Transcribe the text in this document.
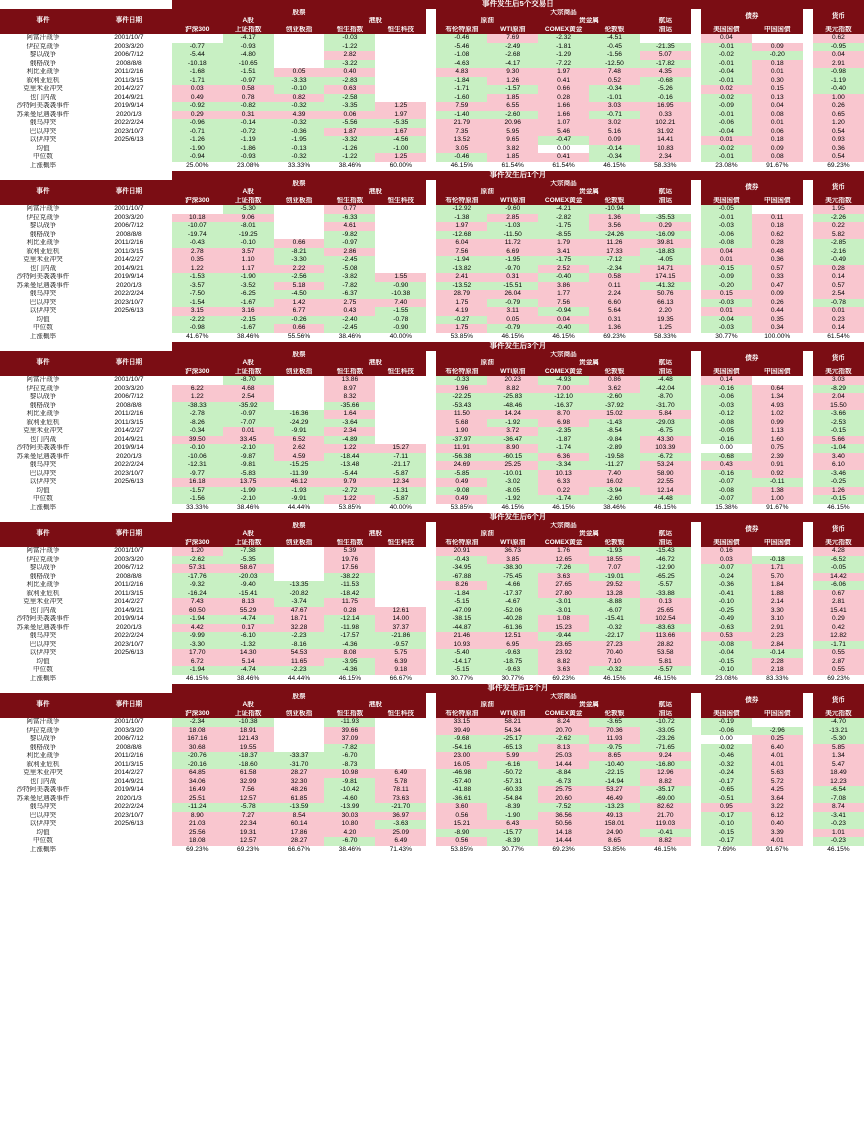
		事件发生后5个交易日															
事件	事件日期	股票						大宗商品						债券			货币
		A股			港股			原油		贵金属		航运					
		沪深300	上证指数	创业板指	恒生指数	恒生科技		布伦特原油	WTI原油	COMEX黄金	伦敦银	油运		美国国债	中国国债		美元指数
阿富汗战争	2001/10/7		-4.17		-0.03			-0.46	7.69	-2.32	-4.51			0.04			0.62
伊拉克战争	2003/3/20	-0.77	-0.93		-1.22			-5.46	-2.49	-1.81	-0.45	-21.35		-0.01	0.09		-0.95
黎以战争	2006/7/12	-5.44	-4.80		2.82			-1.08	-2.68	-1.29	-1.56	5.07		-0.02	-0.20		0.04
俄格战争	2008/8/8	-10.18	-10.65		-3.22			-4.63	-4.17	-7.22	-12.50	-17.82		-0.01	0.18		2.91
利比亚战争	2011/2/16	-1.68	-1.51	0.05	0.40			4.83	9.30	1.97	7.48	4.35		-0.04	0.01		-0.98
叙利亚危机	2011/3/15	-1.71	-0.97	-3.33	-2.83			-1.84	1.26	0.41	0.52	-0.68		-0.01	0.30		-1.19
克里米亚冲突	2014/2/27	0.03	0.58	-0.10	0.63			-1.71	-1.57	0.66	-0.34	-5.26		0.02	0.15		-0.40
也门内战	2014/9/21	0.49	0.78	0.82	-2.58			-1.60	1.85	0.28	-1.01	-0.16		-0.02	0.13		1.00
沙特阿美袭袭事件	2019/9/14	-0.92	-0.82	-0.32	-3.35	1.25		7.59	6.55	1.66	3.03	16.95		-0.09	0.04		0.26
苏莱曼尼遇袭事件	2020/1/3	0.29	0.31	4.39	0.06	1.97		-1.40	-2.60	1.66	-0.71	0.33		-0.01	0.08		0.65
俄乌冲突	2022/2/24	-0.96	-0.14	-0.32	-5.56	-5.35		21.79	20.96	1.07	3.02	102.21		-0.06	0.01		1.20
巴以冲突	2023/10/7	-0.71	-0.72	-0.36	1.87	1.67		7.35	5.95	5.46	5.16	31.92		-0.04	0.06		0.54
以伊冲突	2025/6/13	-1.26	-1.19	-1.95	-3.32	-4.56		13.52	9.65	-0.47	0.09	14.41		0.01	0.18		0.93
均值		-1.90	-1.86	-0.13	-1.26	-1.00		3.05	3.82	0.00	-0.14	10.83		-0.02	0.09		0.36
中位数		-0.94	-0.93	-0.32	-1.22	1.25		-0.46	1.85	0.41	-0.34	2.34		-0.01	0.08		0.54
上涨概率		25.00%	23.08%	33.33%	38.46%	60.00%		46.15%	61.54%	61.54%	46.15%	58.33%		23.08%	91.67%		69.23%
		事件发生后1个月															
事件	事件日期	股票						大宗商品						债券			货币
		A股			港股			原油		贵金属		航运					
		沪深300	上证指数	创业板指	恒生指数	恒生科技		布伦特原油	WTI原油	COMEX黄金	伦敦银	油运		美国国债	中国国债		美元指数
阿富汗战争	2001/10/7		-5.30		0.77			-12.92	-9.60	-4.21	-10.94			-0.05			1.95
伊拉克战争	2003/3/20	10.18	9.06		-6.33			-1.38	2.85	-2.82	1.36	-35.53		-0.01	0.11		-2.26
黎以战争	2006/7/12	-10.07	-8.01		4.61			1.97	-1.03	-1.75	3.56	0.29		-0.03	0.18		0.22
俄格战争	2008/8/8	-19.74	-19.25		-9.82			-12.68	-11.50	-8.55	-24.26	-16.09		-0.06	0.62		5.82
利比亚战争	2011/2/16	-0.43	-0.10	0.66	-0.97			6.04	11.72	1.79	11.26	39.81		-0.08	0.28		-2.85
叙利亚危机	2011/3/15	2.78	3.57	-8.21	2.86			7.56	6.69	3.41	17.33	-18.83		0.04	0.48		-2.16
克里米亚冲突	2014/2/27	0.35	1.10	-3.30	-2.45			-1.94	-1.95	-1.75	-7.12	-4.05		0.01	0.36		-0.49
也门内战	2014/9/21	1.22	1.17	2.22	-5.08			-13.82	-9.70	2.52	-2.34	14.71		-0.15	0.57		0.28
沙特阿美袭袭事件	2019/9/14	-1.53	-1.90	-2.56	-3.82	1.55		2.41	0.31	-0.40	0.58	174.15		-0.09	0.33		0.14
苏莱曼尼遇袭事件	2020/1/3	-3.57	-3.52	5.18	-7.82	-0.90		-13.52	-15.51	3.86	0.11	-41.32		-0.20	0.47		0.57
俄乌冲突	2022/2/24	-7.50	-6.25	-4.50	-6.37	-10.38		28.79	26.04	1.77	2.24	50.76		0.15	0.09		2.54
巴以冲突	2023/10/7	-1.54	-1.67	1.42	2.75	7.40		1.75	-0.79	7.56	6.60	66.13		-0.03	0.26		-0.78
以伊冲突	2025/6/13	3.15	3.16	6.77	0.43	-1.55		4.19	3.11	-0.94	5.64	2.20		0.01	0.44		0.01
均值		-2.22	-2.15	-0.26	-2.40	-0.78		-0.27	0.05	0.04	0.31	19.35		-0.04	0.35		0.23
中位数		-0.98	-1.67	0.66	-2.45	-0.90		1.75	-0.79	-0.40	1.36	1.25		-0.03	0.34		0.14
上涨概率		41.67%	38.46%	55.56%	38.46%	40.00%		53.85%	46.15%	46.15%	69.23%	58.33%		30.77%	100.00%		61.54%
		事件发生后3个月															
事件	事件日期	股票						大宗商品						债券			货币
		A股			港股			原油		贵金属		航运					
		沪深300	上证指数	创业板指	恒生指数	恒生科技		布伦特原油	WTI原油	COMEX黄金	伦敦银	油运		美国国债	中国国债		美元指数
阿富汗战争	2001/10/7		-8.70		13.86			-0.33	20.23	-4.93	0.86	-4.48		0.14			3.03
伊拉克战争	2003/3/20	6.22	4.68		8.97			1.96	8.82	7.00	3.62	-42.04		-0.16	0.64		-8.29
黎以战争	2006/7/12	1.22	2.54		8.32			-22.25	-25.83	-12.10	-2.60	-8.70		-0.06	1.34		2.04
俄格战争	2008/8/8	-38.33	-35.92		-35.66			-53.43	-48.46	-16.37	-37.92	-31.70		-0.03	4.93		15.50
利比亚战争	2011/2/16	-2.78	-0.97	-16.36	1.64			11.50	14.24	8.70	15.02	5.84		-0.12	1.02		-3.66
叙利亚危机	2011/3/15	-8.26	-7.07	-24.29	-3.64			5.68	-1.92	6.98	-1.43	-29.03		-0.08	0.99		-2.53
克里米亚冲突	2014/2/27	-0.34	0.01	-9.91	2.34			1.90	3.72	-2.35	-8.54	-6.75		-0.05	1.13		-0.15
也门内战	2014/9/21	39.50	33.45	6.52	-4.89			-37.97	-36.47	-1.87	-9.84	43.30		-0.16	1.60		5.66
沙特阿美袭袭事件	2019/9/14	-0.10	-2.10	2.62	1.22	15.27		11.91	8.90	-1.74	-2.89	103.39		0.00	0.75		-1.04
苏莱曼尼遇袭事件	2020/1/3	-10.06	-9.87	4.59	-18.44	-7.11		-56.38	-60.15	6.36	-19.58	-6.72		-0.68	2.39		3.40
俄乌冲突	2022/2/24	-12.31	-9.81	-15.25	-13.48	-21.17		24.69	25.25	-3.34	-11.27	53.24		0.43	0.91		6.10
巴以冲突	2023/10/7	-9.77	-5.83	-11.39	-5.44	-5.87		-5.85	-10.01	10.13	7.40	58.90		-0.16	0.92		-3.46
以伊冲突	2025/6/13	16.18	13.75	46.12	9.79	12.34		0.49	-3.02	6.33	16.02	22.55		-0.07	-0.11		-0.25
均值		-1.57	-1.99	-1.93	-2.72	-1.31		-9.08	-8.05	0.22	-3.94	12.14		-0.08	1.38		1.26
中位数		-1.56	-2.10	-9.91	1.22	-5.87		0.49	-1.92	-1.74	-2.60	-4.48		-0.07	1.00		-0.15
上涨概率		33.33%	38.46%	44.44%	53.85%	40.00%		53.85%	46.15%	46.15%	38.46%	46.15%		15.38%	91.67%		46.15%
		事件发生后6个月															
事件	事件日期	股票						大宗商品						债券			货币
		A股			港股			原油		贵金属		航运					
		沪深300	上证指数	创业板指	恒生指数	恒生科技		布伦特原油	WTI原油	COMEX黄金	伦敦银	油运		美国国债	中国国债		美元指数
阿富汗战争	2001/10/7	1.20	-7.38		5.39			20.91	36.73	1.76	-1.93	-15.43		0.16			4.28
伊拉克战争	2003/3/20	-2.62	-5.35		19.76			-0.43	3.85	12.65	18.55	-46.72		0.03	-0.18		-6.52
黎以战争	2006/7/12	57.31	58.67		17.56			-34.95	-38.30	-7.26	7.07	-12.90		-0.07	1.71		-0.05
俄格战争	2008/8/8	-17.76	-20.03		-38.22			-67.88	-75.45	3.63	-19.01	-65.25		-0.24	5.70		14.42
利比亚战争	2011/2/16	-9.32	-9.40	-13.35	-11.53			8.26	-4.66	27.65	29.52	-5.57		-0.36	1.84		-6.06
叙利亚危机	2011/3/15	-16.24	-15.41	-20.82	-18.42			-1.84	-17.37	27.80	13.28	-33.88		-0.41	1.88		0.67
克里米亚冲突	2014/2/27	7.43	8.13	-3.74	11.75			-5.15	-4.67	-3.01	-8.88	0.13		-0.10	2.14		2.81
也门内战	2014/9/21	60.50	55.29	47.67	0.28	12.61		-47.09	-52.06	-3.01	-6.07	25.65		-0.25	3.30		15.41
沙特阿美袭袭事件	2019/9/14	-1.94	-4.74	18.71	-12.14	14.00		-38.15	-40.28	1.08	-15.41	102.54		-0.49	3.10		0.29
苏莱曼尼遇袭事件	2020/1/3	4.42	0.17	32.28	-11.98	37.37		-44.87	-61.36	15.23	-0.32	-83.63		-0.63	2.91		0.42
俄乌冲突	2022/2/24	-9.99	-6.10	-2.23	-17.57	-21.86		21.46	12.51	-9.44	-22.17	113.66		0.53	2.23		12.82
巴以冲突	2023/10/7	-3.30	-1.32	-8.16	-4.36	-9.57		10.93	6.95	23.65	27.23	28.82		-0.08	2.84		-1.71
以伊冲突	2025/6/13	17.70	14.30	54.53	8.08	5.75		-5.40	-9.63	23.92	70.40	53.58		-0.04	-0.14		0.55
均值		6.72	5.14	11.65	-3.95	6.39		-14.17	-18.75	8.82	7.10	5.81		-0.15	2.28		2.87
中位数		-1.94	-4.74	-2.23	-4.36	9.18		-5.15	-9.63	3.63	-0.32	-5.57		-0.10	2.18		0.55
上涨概率		46.15%	38.46%	44.44%	46.15%	66.67%		30.77%	30.77%	69.23%	46.15%	46.15%		23.08%	83.33%		69.23%
		事件发生后12个月															
事件	事件日期	股票						大宗商品						债券			货币
		A股			港股			原油		贵金属		航运					
		沪深300	上证指数	创业板指	恒生指数	恒生科技		布伦特原油	WTI原油	COMEX黄金	伦敦银	油运		美国国债	中国国债		美元指数
阿富汗战争	2001/10/7	-2.34	-10.38		-11.93			33.15	58.21	8.24	-3.65	-10.72		-0.19			-4.70
伊拉克战争	2003/3/20	18.08	18.91		39.66			39.49	54.34	20.70	70.36	-33.05		-0.06	-2.96		-13.21
黎以战争	2006/7/12	167.16	121.43		37.09			-9.68	-25.17	-2.62	11.93	-23.26		0.00	0.25		-5.30
俄格战争	2008/8/8	30.68	19.55		-7.82			-54.16	-65.13	8.13	-9.75	-71.65		-0.02	6.40		5.85
利比亚战争	2011/2/16	-20.76	-18.37	-33.37	-6.70			23.00	5.99	25.03	8.65	9.24		-0.46	4.01		1.34
叙利亚危机	2011/3/15	-20.16	-18.60	-31.70	-8.73			16.05	-6.16	14.44	-10.40	-16.80		-0.32	4.01		5.47
克里米亚冲突	2014/2/27	64.85	61.58	28.27	10.98	6.49		-46.98	-50.72	-8.84	-22.15	12.96		-0.24	5.63		18.49
也门内战	2014/9/21	34.06	32.99	32.30	-9.81	5.78		-57.40	-57.31	-6.73	-14.94	8.82		-0.17	5.72		12.23
沙特阿美袭袭事件	2019/9/14	16.49	7.56	48.26	-10.42	78.11		-41.88	-60.33	25.75	53.27	-35.17		-0.65	4.25		-6.54
苏莱曼尼遇袭事件	2020/1/3	25.51	12.57	61.85	-4.60	73.63		-36.61	-54.84	20.60	46.49	-69.00		-0.51	3.64		-7.08
俄乌冲突	2022/2/24	-11.24	-5.78	-13.59	-13.99	-21.70		3.60	-8.39	-7.52	-13.23	82.62		0.95	3.22		8.74
巴以冲突	2023/10/7	8.90	7.27	8.54	30.03	36.97		0.56	-1.90	36.56	49.13	21.70		-0.17	6.12		-3.41
以伊冲突	2025/6/13	21.03	22.34	60.14	10.80	-3.63		15.21	6.43	50.56	158.01	119.03		-0.10	0.40		-0.23
均值		25.56	19.31	17.86	4.20	25.09		-8.90	-15.77	14.18	24.90	-0.41		-0.15	3.39		1.01
中位数		18.08	12.57	28.27	-6.70	6.49		0.56	-8.39	14.44	8.65	8.82		-0.17	4.01		-0.23
上涨概率		69.23%	69.23%	66.67%	38.46%	71.43%		53.85%	30.77%	69.23%	53.85%	46.15%		7.69%	91.67%		46.15%
